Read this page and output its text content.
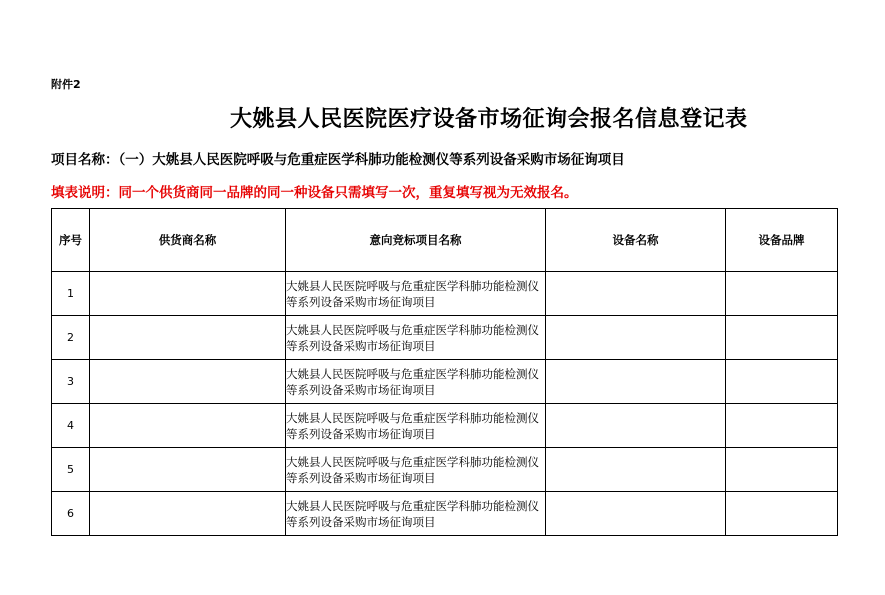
附件2
大姚县人民医院医疗设备市场征询会报名信息登记表
项目名称：（一）大姚县人民医院呼吸与危重症医学科肺功能检测仪等系列设备采购市场征询项目
填表说明：同一个供货商同一品牌的同一种设备只需填写一次，重复填写视为无效报名。
序号	供货商名称	意向竞标项目名称	设备名称	设备品牌
1		大姚县人民医院呼吸与危重症医学科肺功能检测仪等系列设备采购市场征询项目		
2		大姚县人民医院呼吸与危重症医学科肺功能检测仪等系列设备采购市场征询项目		
3		大姚县人民医院呼吸与危重症医学科肺功能检测仪等系列设备采购市场征询项目		
4		大姚县人民医院呼吸与危重症医学科肺功能检测仪等系列设备采购市场征询项目		
5		大姚县人民医院呼吸与危重症医学科肺功能检测仪等系列设备采购市场征询项目		
6		大姚县人民医院呼吸与危重症医学科肺功能检测仪等系列设备采购市场征询项目		
